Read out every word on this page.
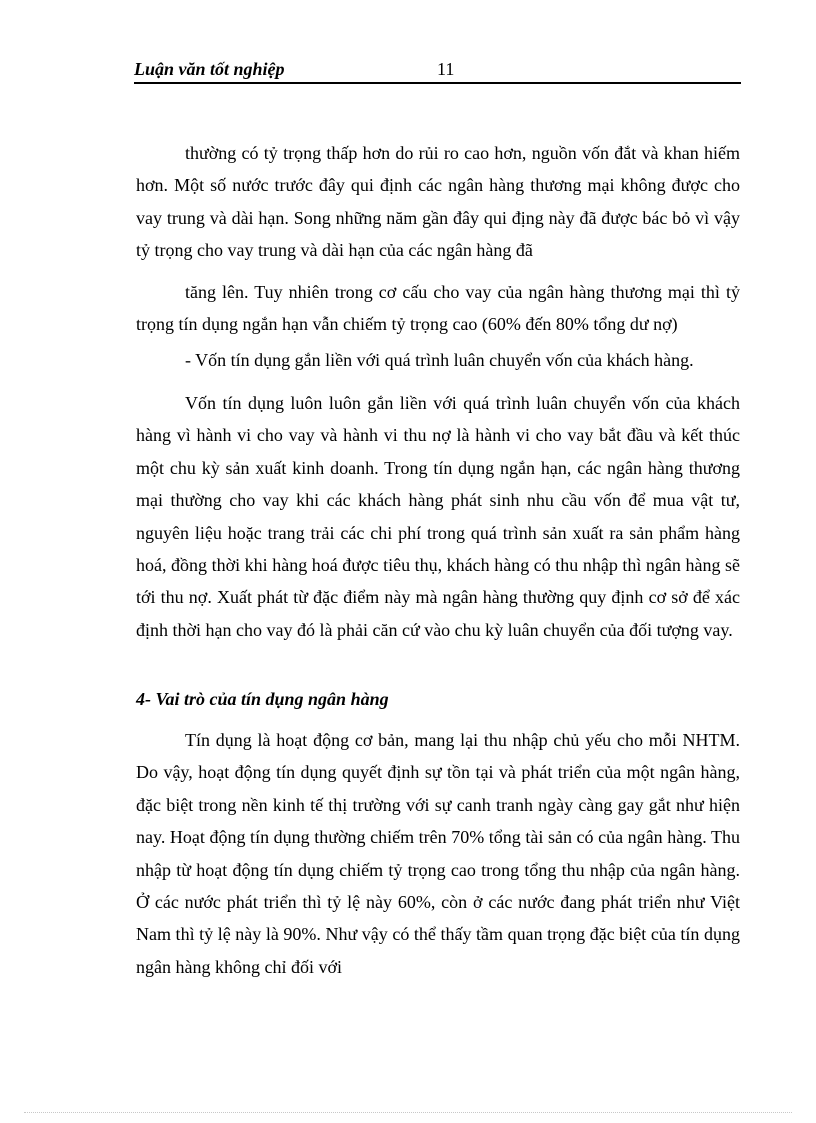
Luận văn tốt nghiệp	11

thường có tỷ trọng thấp hơn do rủi ro cao hơn, nguồn vốn đắt và khan hiếm hơn. Một số nước trước đây qui định các ngân hàng thương mại không được cho vay trung và dài hạn. Song những năm gần đây qui địng này đã được bác bỏ vì vậy tỷ trọng cho vay trung và dài hạn của các ngân hàng đã

tăng lên. Tuy nhiên trong cơ cấu cho vay của ngân hàng thương mại thì tỷ trọng tín dụng ngắn hạn vẫn chiếm tỷ trọng cao (60% đến 80% tổng dư nợ)

- Vốn tín dụng gắn liền với quá trình luân chuyển vốn của khách hàng.

Vốn tín dụng luôn luôn gắn liền với quá trình luân chuyển vốn của khách hàng vì hành vi cho vay và hành vi thu nợ là hành vi cho vay bắt đầu và kết thúc một chu kỳ sản xuất kinh doanh. Trong tín dụng ngắn hạn, các ngân hàng thương mại thường cho vay khi các khách hàng phát sinh nhu cầu vốn để mua vật tư, nguyên liệu hoặc trang trải các chi phí trong quá trình sản xuất ra sản phẩm hàng hoá, đồng thời khi hàng hoá được tiêu thụ, khách hàng có thu nhập thì ngân hàng sẽ tới thu nợ. Xuất phát từ đặc điểm này mà ngân hàng thường quy định cơ sở để xác định thời hạn cho vay đó là phải căn cứ vào chu kỳ luân chuyển của đối tượng vay.

4- Vai trò của tín dụng ngân hàng

Tín dụng là hoạt động cơ bản, mang lại thu nhập chủ yếu cho mỗi NHTM. Do vậy, hoạt động tín dụng quyết định sự tồn tại và phát triển của một ngân hàng, đặc biệt trong nền kinh tế thị trường với sự canh tranh ngày càng gay gắt như hiện nay. Hoạt động tín dụng thường chiếm trên 70% tổng tài sản có của ngân hàng. Thu nhập từ hoạt động tín dụng chiếm tỷ trọng cao trong tổng thu nhập của ngân hàng. Ở các nước phát triển thì tỷ lệ này 60%, còn ở các nước đang phát triển như Việt Nam thì tỷ lệ này là 90%. Như vậy có thể thấy tầm quan trọng đặc biệt của tín dụng ngân hàng không chỉ đối với
